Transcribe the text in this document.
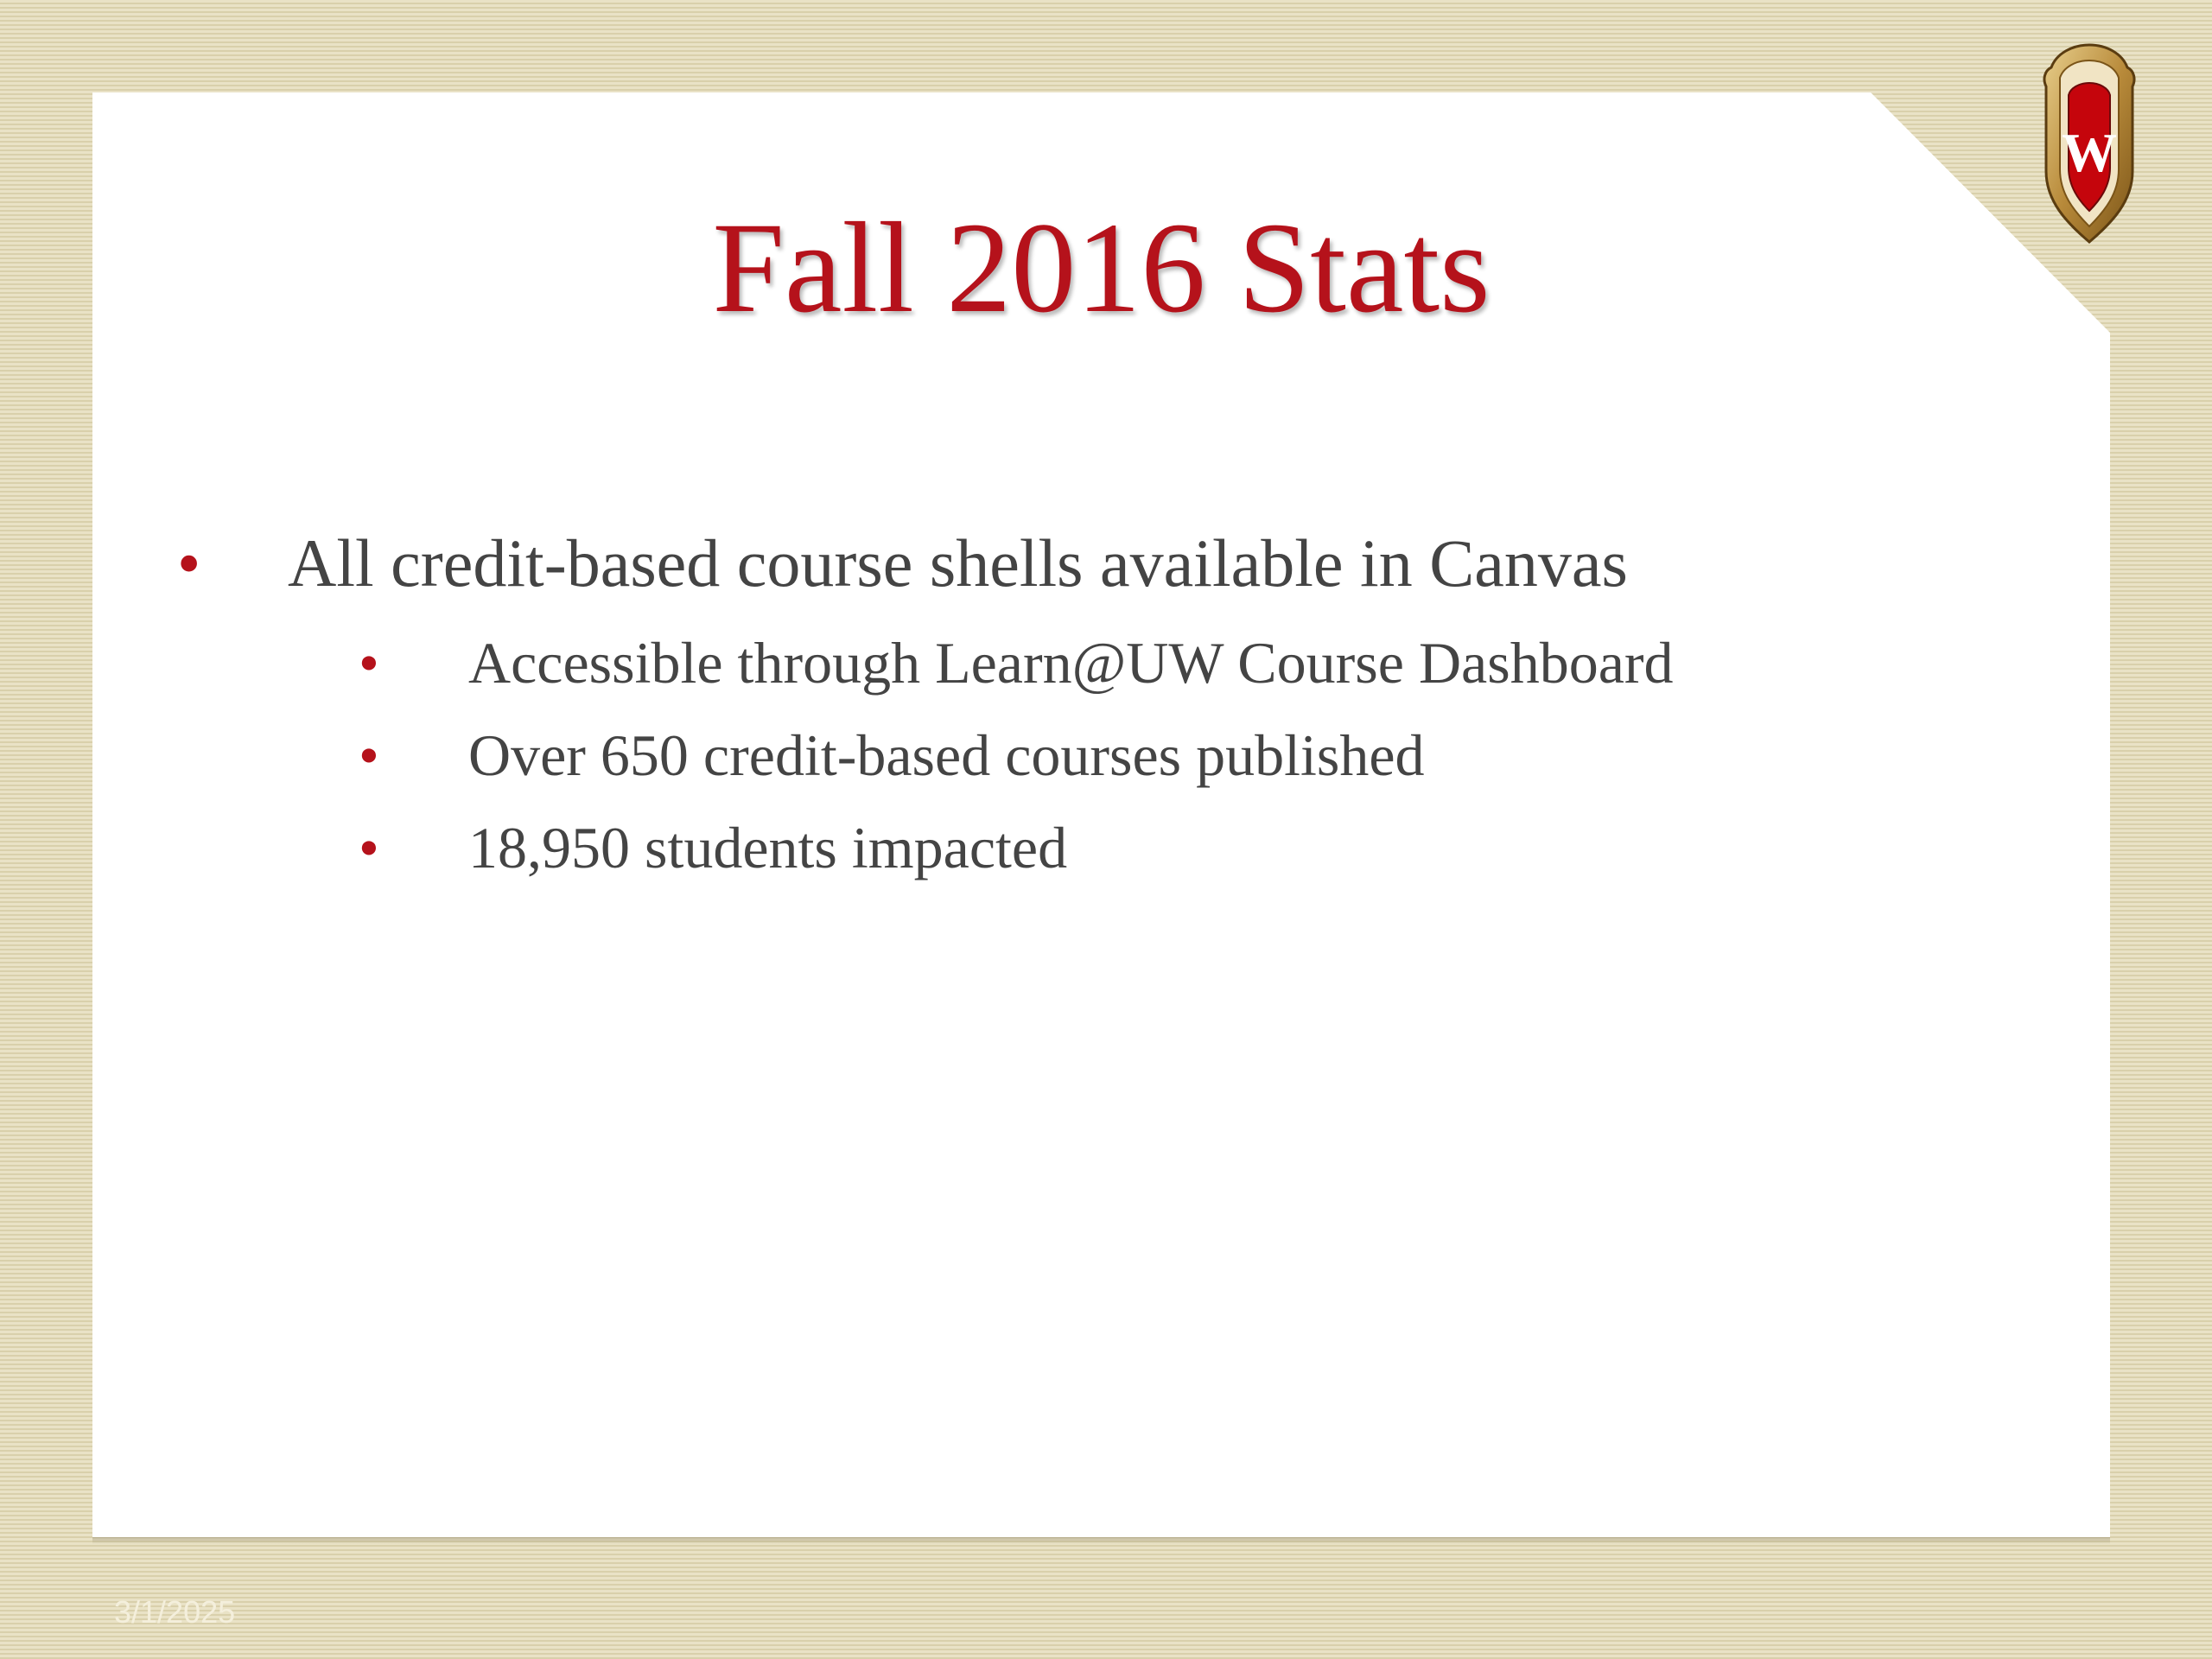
Fall 2016 Stats
• All credit-based course shells available in Canvas
• Accessible through Learn@UW Course Dashboard
• Over 650 credit-based courses published
• 18,950 students impacted
W
3/1/2025
